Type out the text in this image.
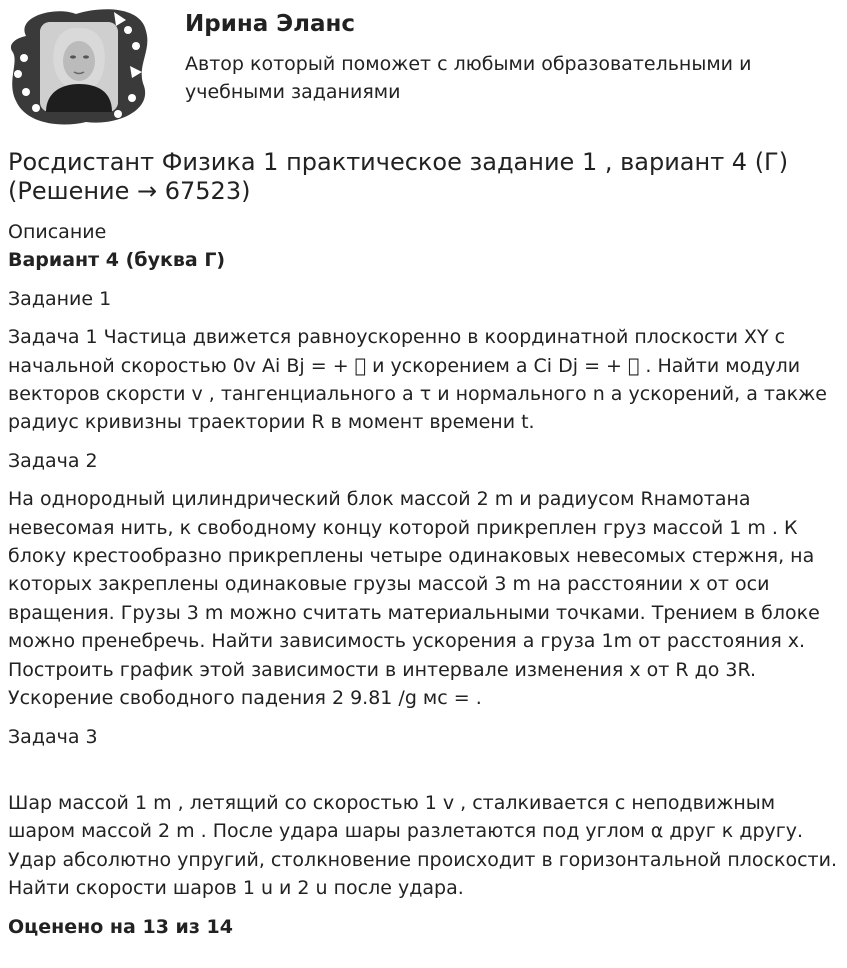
Ирина Эланс
Автор который поможет с любыми образовательными и учебными заданиями
Росдистант Физика 1 практическое задание 1 , вариант 4 (Г) (Решение → 67523)

Описание

Вариант 4 (буква Г)

Задание 1

Задача 1 Частица движется равноускоренно в координатной плоскости XY с начальной скоростью 0v Ai Bj = + 􏰀 и ускорением a Ci Dj = + 􏰀 . Найти модули векторов скорсти v , тангенциального a τ и нормального n a ускорений, а также радиус кривизны траектории R в момент времени t.

Задача 2

На однородный цилиндрический блок массой 2 m и радиусом Rнамотана невесомая нить, к свободному концу которой прикреплен груз массой 1 m . К блоку крестообразно прикреплены четыре одинаковых невесомых стержня, на которых закреплены одинаковые грузы массой 3 m на расстоянии x от оси вращения. Грузы 3 m можно считать материальными точками. Трением в блоке можно пренебречь. Найти зависимость ускорения a груза 1m от расстояния x. Построить график этой зависимости в интервале изменения x от R до 3R. Ускорение свободного падения 2 9.81 /g мс = .

Задача 3

Шар массой 1 m , летящий со скоростью 1 v , сталкивается с неподвижным шаром массой 2 m . После удара шары разлетаются под углом α друг к другу. Удар абсолютно упругий, столкновение происходит в горизонтальной плоскости. Найти скорости шаров 1 u и 2 u после удара.

Оценено на 13 из 14
